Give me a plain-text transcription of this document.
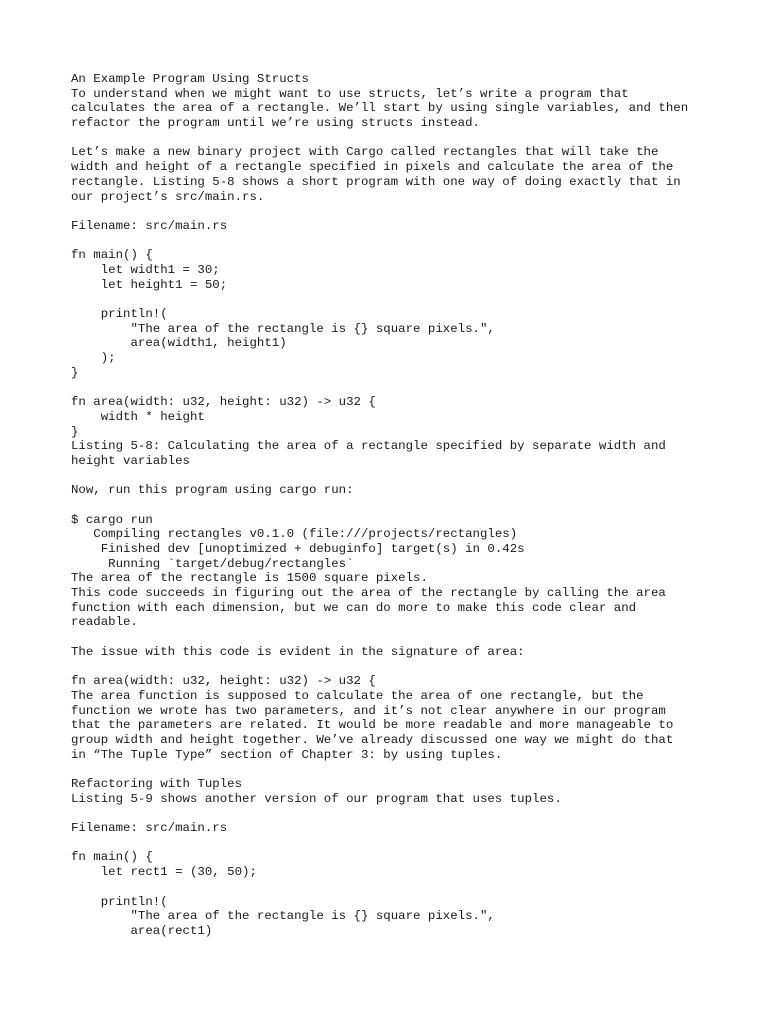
An Example Program Using Structs
To understand when we might want to use structs, let’s write a program that
calculates the area of a rectangle. We’ll start by using single variables, and then
refactor the program until we’re using structs instead.
Let’s make a new binary project with Cargo called rectangles that will take the
width and height of a rectangle specified in pixels and calculate the area of the
rectangle. Listing 5-8 shows a short program with one way of doing exactly that in
our project’s src/main.rs.
Filename: src/main.rs
fn main() {
let width1 = 30;
let height1 = 50;
println!(
"The area of the rectangle is {} square pixels.",
area(width1, height1)
);
}
fn area(width: u32, height: u32) -> u32 {
width * height
}
Listing 5-8: Calculating the area of a rectangle specified by separate width and
height variables
Now, run this program using cargo run:
$ cargo run
Compiling rectangles v0.1.0 (file:///projects/rectangles)
Finished dev [unoptimized + debuginfo] target(s) in 0.42s
Running `target/debug/rectangles`
The area of the rectangle is 1500 square pixels.
This code succeeds in figuring out the area of the rectangle by calling the area
function with each dimension, but we can do more to make this code clear and
readable.
The issue with this code is evident in the signature of area:
fn area(width: u32, height: u32) -> u32 {
The area function is supposed to calculate the area of one rectangle, but the
function we wrote has two parameters, and it’s not clear anywhere in our program
that the parameters are related. It would be more readable and more manageable to
group width and height together. We’ve already discussed one way we might do that
in “The Tuple Type” section of Chapter 3: by using tuples.
Refactoring with Tuples
Listing 5-9 shows another version of our program that uses tuples.
Filename: src/main.rs
fn main() {
let rect1 = (30, 50);
println!(
"The area of the rectangle is {} square pixels.",
area(rect1)
